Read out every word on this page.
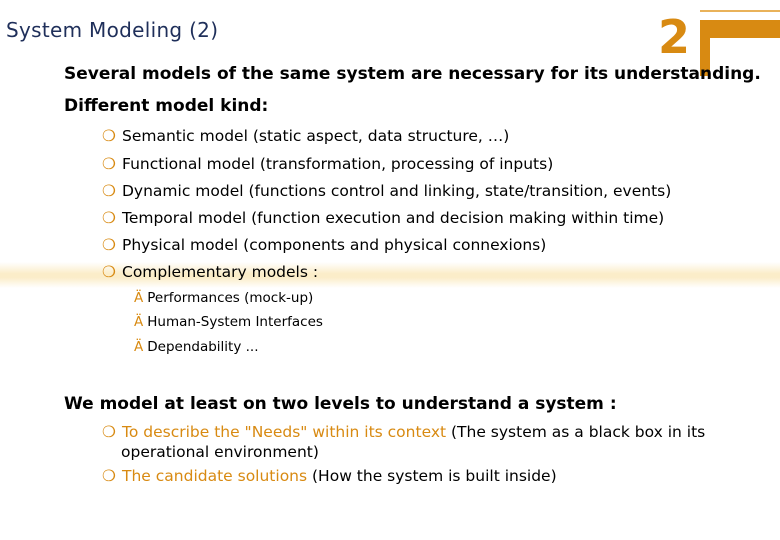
System Modeling (2)	2
Several models of the same system are necessary for its understanding.
Different model kind:
❍ Semantic model (static aspect, data structure, …)
❍ Functional model (transformation, processing of inputs)
❍ Dynamic model (functions control and linking, state/transition, events)
❍ Temporal model (function execution and decision making within time)
❍ Physical model (components and physical connexions)
❍ Complementary models :
Ä Performances (mock-up)
Ä Human-System Interfaces
Ä Dependability ...
We model at least on two levels to understand a system :
❍ To describe the "Needs" within its context (The system as a black box in its
operational environment)
❍ The candidate solutions (How the system is built inside)
